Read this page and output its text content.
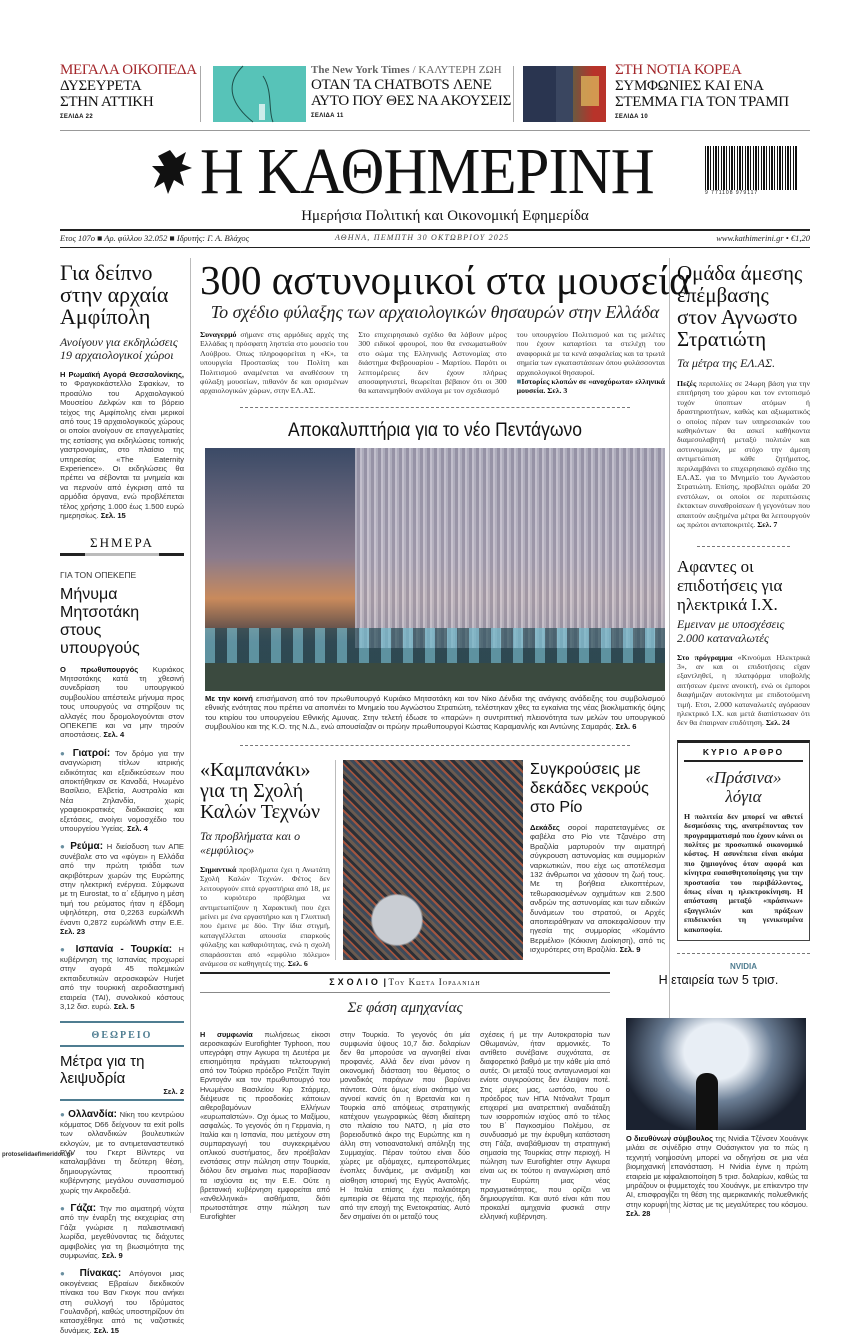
ΜΕΓΑΛΑ ΟΙΚΟΠΕΔΑ
ΔΥΣΕΥΡΕΤΑ ΣΤΗΝ ΑΤΤΙΚΗ
ΣΕΛΙΔΑ 22
The New York Times / ΚΑΛΥΤΕΡΗ ΖΩΗ
ΟΤΑΝ ΤΑ CHATBOTS ΛΕΝΕ ΑΥΤΟ ΠΟΥ ΘΕΣ ΝΑ ΑΚΟΥΣΕΙΣ
ΣΕΛΙΔΑ 11
ΣΤΗ ΝΟΤΙΑ ΚΟΡΕΑ
ΣΥΜΦΩΝΙΕΣ ΚΑΙ ΕΝΑ ΣΤΕΜΜΑ ΓΙΑ ΤΟΝ ΤΡΑΜΠ
ΣΕΛΙΔΑ 10
Η ΚΑΘΗΜΕΡΙΝΗ	9 771108 979117
Ημερήσια Πολιτική και Οικονομική Εφημερίδα
Ετος 107ο ■ Αρ. φύλλου 32.052 ■ Ιδρυτής: Γ. Α. Βλάχος	ΑΘΗΝΑ, ΠΕΜΠΤΗ 30 ΟΚΤΩΒΡΙΟΥ 2025	www.kathimerini.gr • €1,20
Για δείπνο στην αρχαία Αμφίπολη
Ανοίγουν για εκδηλώσεις 19 αρχαιολογικοί χώροι
Η Ρωμαϊκή Αγορά Θεσσαλονίκης, το Φραγκοκάστελλο Σφακίων, το προαύλιο του Αρχαιολογικού Μουσείου Δελφών και το βόρειο τείχος της Αμφίπολης είναι μερικοί από τους 19 αρχαιολογικούς χώρους οι οποίοι ανοίγουν σε επαγγελματίες της εστίασης για εκδηλώσεις τοπικής γαστρονομίας, στο πλαίσιο της υπηρεσίας «The Eaternity Experience». Οι εκδηλώσεις θα πρέπει να σέβονται τα μνημεία και να περνούν από έγκριση από τα αρμόδια όργανα, ενώ προβλέπεται τέλος χρήσης 1.000 έως 1.500 ευρώ ημερησίως. Σελ. 15
ΣΗΜΕΡΑ
ΓΙΑ ΤΟΝ ΟΠΕΚΕΠΕ
Μήνυμα Μητσοτάκη στους υπουργούς
Ο πρωθυπουργός Κυριάκος Μητσοτάκης κατά τη χθεσινή συνεδρίαση του υπουργικού συμβουλίου απέστειλε μήνυμα προς τους υπουργούς να στηρίξουν τις αλλαγές που δρομολογούνται στον ΟΠΕΚΕΠΕ και να μην τηρούν αποστάσεις. Σελ. 4
● Γιατροί: Τον δρόμο για την αναγνώριση τίτλων ιατρικής ειδικότητας και εξειδικεύσεων που αποκτήθηκαν σε Καναδά, Ηνωμένο Βασίλειο, Ελβετία, Αυστραλία και Νέα Ζηλανδία, χωρίς γραφειοκρατικές διαδικασίες και εξετάσεις, ανοίγει νομοσχέδιο του υπουργείου Υγείας. Σελ. 4
● Ρεύμα: Η διείσδυση των ΑΠΕ συνέβαλε στο να «φύγει» η Ελλάδα από την πρώτη τριάδα των ακριβότερων χωρών της Ευρώπης στην ηλεκτρική ενέργεια. Σύμφωνα με τη Eurostat, το α΄ εξάμηνο η μέση τιμή του ρεύματος ήταν η έβδομη υψηλότερη, στα 0,2263 ευρώ/kWh έναντι 0,2872 ευρώ/kWh στην Ε.Ε. Σελ. 23
● Ισπανία - Τουρκία: Η κυβέρνηση της Ισπανίας προχωρεί στην αγορά 45 πολεμικών εκπαιδευτικών αεροσκαφών Hurjet από την τουρκική αεροδιαστημική εταιρεία (TAI), συνολικού κόστους 3,12 δισ. ευρώ. Σελ. 5
ΘΕΩΡΕΙΟ
Μέτρα για τη λειψυδρία
Σελ. 2
● Ολλανδία: Νίκη του κεντρώου κόμματος D66 δείχνουν τα exit polls των ολλανδικών βουλευτικών εκλογών, με το αντιμεταναστευτικό PVV του Γκερτ Βίλντερς να καταλαμβάνει τη δεύτερη θέση, δημιουργώντας προοπτική κυβέρνησης μεγάλου συνασπισμού χωρίς την Ακροδεξιά.
● Γάζα: Την πιο αιματηρή νύχτα από την έναρξη της εκεχειρίας στη Γάζα γνώρισε η παλαιστινιακή λωρίδα, μεγεθύνοντας τις διάχυτες αμφιβολίες για τη βιωσιμότητα της συμφωνίας. Σελ. 9
● Πίνακας: Απόγονοι μιας οικογένειας Εβραίων διεκδικούν πίνακα του Βαν Γκογκ που ανήκει στη συλλογή του Ιδρύματος Γουλανδρή, καθώς υποστηρίζουν ότι κατασχέθηκε από τις ναζιστικές δυνάμεις. Σελ. 15
protoselidaefimeridon.gr
300 αστυνομικοί στα μουσεία
Το σχέδιο φύλαξης των αρχαιολογικών θησαυρών στην Ελλάδα
Συναγερμό σήμανε στις αρμόδιες αρχές της Ελλάδας η πρόσφατη ληστεία στο μουσείο του Λούβρου. Οπως πληροφορείται η «Κ», τα υπουργεία Προστασίας του Πολίτη και Πολιτισμού αναμένεται να αναθέσουν τη φύλαξη μουσείων, πιθανόν δε και ορισμένων αρχαιολογικών χώρων, στην ΕΛ.ΑΣ.
Στο επιχειρησιακό σχέδιο θα λάβουν μέρος 300 ειδικοί φρουροί, που θα ενσωματωθούν στο σώμα της Ελληνικής Αστυνομίας στο διάστημα Φεβρουαρίου - Μαρτίου. Παρότι οι λεπτομέρειες δεν έχουν πλήρως αποσαφηνιστεί, θεωρείται βέβαιον ότι οι 300 θα κατανεμηθούν ανάλογα με τον σχεδιασμό
του υπουργείου Πολιτισμού και τις μελέτες που έχουν καταρτίσει τα στελέχη του αναφορικά με τα κενά ασφαλείας και τα τρωτά σημεία των εγκαταστάσεων όπου φυλάσσονται αρχαιολογικοί θησαυροί.
■Ιστορίες κλοπών σε «ανοχύρωτα» ελληνικά μουσεία. Σελ. 3
Αποκαλυπτήρια για το νέο Πεντάγωνο
Με την κοινή επισήμανση από τον πρωθυπουργό Κυριάκο Μητσοτάκη και τον Νίκο Δένδια της ανάγκης ανάδειξης του συμβολισμού εθνικής ενότητας που πρέπει να αποπνέει το Μνημείο του Αγνώστου Στρατιώτη, τελέστηκαν χθες τα εγκαίνια της νέας βιοκλιματικής όψης του κτιρίου του υπουργείου Εθνικής Αμυνας. Στην τελετή έδωσε το «παρών» η συντριπτική πλειονότητα των μελών του υπουργικού συμβουλίου και της Κ.Ο. της Ν.Δ., ενώ απουσίαζαν οι πρώην πρωθυπουργοί Κώστας Καραμανλής και Αντώνης Σαμαράς. Σελ. 6
«Καμπανάκι» για τη Σχολή Καλών Τεχνών
Τα προβλήματα και ο «εμφύλιος»
Σημαντικά προβλήματα έχει η Ανωτάτη Σχολή Καλών Τεχνών. Φέτος δεν λειτουργούν επτά εργαστήρια από 18, με το κυριότερο πρόβλημα να αντιμετωπίζουν η Χαρακτική που έχει μείνει με ένα εργαστήριο και η Γλυπτική που έμεινε με δύο. Την ίδια στιγμή, καταγγέλλεται απουσία επαρκούς φύλαξης και καθαριότητας, ενώ η σχολή σπαράσσεται από «εμφύλιο πόλεμο» ανάμεσα σε καθηγητές της. Σελ. 6
Συγκρούσεις με δεκάδες νεκρούς στο Ρίο
Δεκάδες σοροί παρατεταγμένες σε φαβέλα στο Ρίο ντε Τζανέιρο στη Βραζιλία μαρτυρούν την αιματηρή σύγκρουση αστυνομίας και συμμοριών ναρκωτικών, που είχε ως αποτέλεσμα 132 άνθρωποι να χάσουν τη ζωή τους. Με τη βοήθεια ελικοπτέρων, τεθωρακισμένων οχημάτων και 2.500 ανδρών της αστυνομίας και των ειδικών δυνάμεων του στρατού, οι Αρχές αποπειράθηκαν να αποκεφαλίσουν την ηγεσία της συμμορίας «Κομάντο Βερμέλιο» (Κόκκινη Διοίκηση), από τις ισχυρότερες στη Βραζιλία. Σελ. 9
ΣΧΟΛΙΟ | Του Κωστα Ιορδανιδη
Σε φάση αμηχανίας
Η συμφωνία πωλήσεως είκοσι αεροσκαφών Eurofighter Typhoon, που υπεγράφη στην Αγκυρα τη Δευτέρα με επισημότητα πράγματι τελετουργική από τον Τούρκο πρόεδρο Ρετζέπ Ταγίπ Ερντογάν και τον πρωθυπουργό του Ηνωμένου Βασιλείου Κιρ Στάρμερ, διέψευσε τις προσδοκίες κάποιων αιθεροβαμόνων Ελλήνων «ευρωπαϊστών». Οχι όμως το Μαξίμου, ασφαλώς. Το γεγονός ότι η Γερμανία, η Ιταλία και η Ισπανία, που μετέχουν στη συμπαραγωγή του συγκεκριμένου οπλικού συστήματος, δεν προέβαλαν ενστάσεις στην πώληση στην Τουρκία, διόλου δεν σημαίνει πως παραβίασαν τα ισχύοντα εις την Ε.Ε. Ούτε η βρετανική κυβέρνηση εμφορείται από «ανθελληνικά» αισθήματα, διότι πρωτοστάτησε στην πώληση των Eurofighter
στην Τουρκία. Το γεγονός ότι μία συμφωνία ύψους 10,7 δισ. δολαρίων δεν θα μπορούσε να αγνοηθεί είναι προφανές. Αλλά δεν είναι μόνον η οικονομική διάσταση του θέματος ο μοναδικός παράγων που βαρύνει πάντοτε. Ούτε όμως είναι σκόπιμο να αγνοεί κανείς ότι η Βρετανία και η Τουρκία από απόψεως στρατηγικής κατέχουν γεωγραφικώς θέση ιδιαίτερη στο πλαίσιο του ΝΑΤΟ, η μία στο βορειοδυτικό άκρο της Ευρώπης και η άλλη στη νοτιοανατολική απόληξη της Συμμαχίας. Πέραν τούτου είναι δύο χώρες με αξιόμαχες, εμπειροπόλεμες ένοπλες δυνάμεις, με ανάμειξη και αίσθηση ιστορική της Εγγύς Ανατολής. Η Ιταλία επίσης έχει παλαιότερη εμπειρία σε θέματα της περιοχής, ήδη από την εποχή της Ενετοκρατίας. Αυτό δεν σημαίνει ότι οι μεταξύ τους
σχέσεις ή με την Αυτοκρατορία των Οθωμανών, ήταν αρμονικές. Το αντίθετο συνέβαινε συχνότατα, σε διαφορετικό βαθμό με την κάθε μία από αυτές. Οι μεταξύ τους ανταγωνισμοί και ενίοτε συγκρούσεις δεν έλειψαν ποτέ. Στις μέρες μας, ωστόσο, που ο πρόεδρος των ΗΠΑ Ντόναλντ Τραμπ επιχειρεί μια ανατρεπτική αναδιάταξη των ισορροπιών ισχύος από το τέλος του Β΄ Παγκοσμίου Πολέμου, σε συνδυασμό με την έκρυθμη κατάσταση στη Γάζα, αναβάθμισαν τη στρατηγική σημασία της Τουρκίας στην περιοχή. Η πώληση των Eurofighter στην Αγκυρα είναι ως εκ τούτου η αναγνώριση από την Ευρώπη μιας νέας πραγματικότητας, που ορίζει να δημιουργείται. Και αυτό είναι κάτι που προκαλεί αμηχανία φυσικά στην ελληνική κυβέρνηση.
Ομάδα άμεσης επέμβασης στον Αγνωστο Στρατιώτη
Τα μέτρα της ΕΛ.ΑΣ.
Πεζές περιπολίες σε 24ωρη βάση για την επιτήρηση του χώρου και τον εντοπισμό τυχόν ύποπτων ατόμων ή δραστηριοτήτων, καθώς και αξιωματικός ο οποίος πέραν των υπηρεσιακών του καθηκόντων θα ασκεί καθήκοντα διαμεσολαβητή μεταξύ πολιτών και αστυνομικών, με στόχο την άμεση αντιμετώπιση κάθε ζητήματος, περιλαμβάνει το επιχειρησιακό σχέδιο της ΕΛ.ΑΣ. για το Μνημείο του Αγνώστου Στρατιώτη. Επίσης, προβλέπει ομάδα 20 ενστόλων, οι οποίοι σε περιπτώσεις έκτακτων συναθροίσεων ή γεγονότων που απαιτούν αυξημένα μέτρα θα λειτουργούν ως πρώτοι ανταποκριτές. Σελ. 7
Αφαντες οι επιδοτήσεις για ηλεκτρικά Ι.Χ.
Εμειναν με υποσχέσεις 2.000 καταναλωτές
Στο πρόγραμμα «Κινούμαι Ηλεκτρικά 3», αν και οι επιδοτήσεις είχαν εξαντληθεί, η πλατφόρμα υποβολής αιτήσεων έμεινε ανοικτή, ενώ οι έμποροι διαφήμιζαν αυτοκίνητα με επιδοτούμενη τιμή. Ετσι, 2.000 καταναλωτές αγόρασαν ηλεκτρικό Ι.Χ. και μετά διαπίστωσαν ότι δεν θα έπαιρναν επιδότηση. Σελ. 24
ΚΥΡΙΟ ΑΡΘΡΟ
«Πράσινα» λόγια
Η πολιτεία δεν μπορεί να αθετεί δεσμεύσεις της, ανατρέποντας τον προγραμματισμό που έχουν κάνει οι πολίτες με προσωπικό οικονομικό κόστος. Η ασυνέπεια είναι ακόμα πιο ζημιογόνος όταν αφορά και κίνητρα ευαισθητοποίησης για την προστασία του περιβάλλοντος, όπως είναι η ηλεκτροκίνηση. Η απόσταση μεταξύ «πράσινων» εξαγγελιών και πράξεων επιδεικνύει τη γενικευμένα κακοποφία.
NVIDIA
Η εταιρεία των 5 τρισ.
Ο διευθύνων σύμβουλος της Nvidia Τζένσεν Χουάνγκ μιλάει σε συνέδριο στην Ουάσιγκτον για το πώς η τεχνητή νοημοσύνη μπορεί να οδηγήσει σε μια νέα βιομηχανική επανάσταση. Η Nvidia έγινε η πρώτη εταιρεία με κεφαλαιοποίηση 5 τρισ. δολαρίων, καθώς τα μηράζουν οι συμμετοχές του Χουάνγκ, με επίκεντρο την AI, επισφραγίζει τη θέση της αμερικανικής πολυεθνικής στην κορυφή της λίστας με τις μεγαλύτερες του κόσμου. Σελ. 28
